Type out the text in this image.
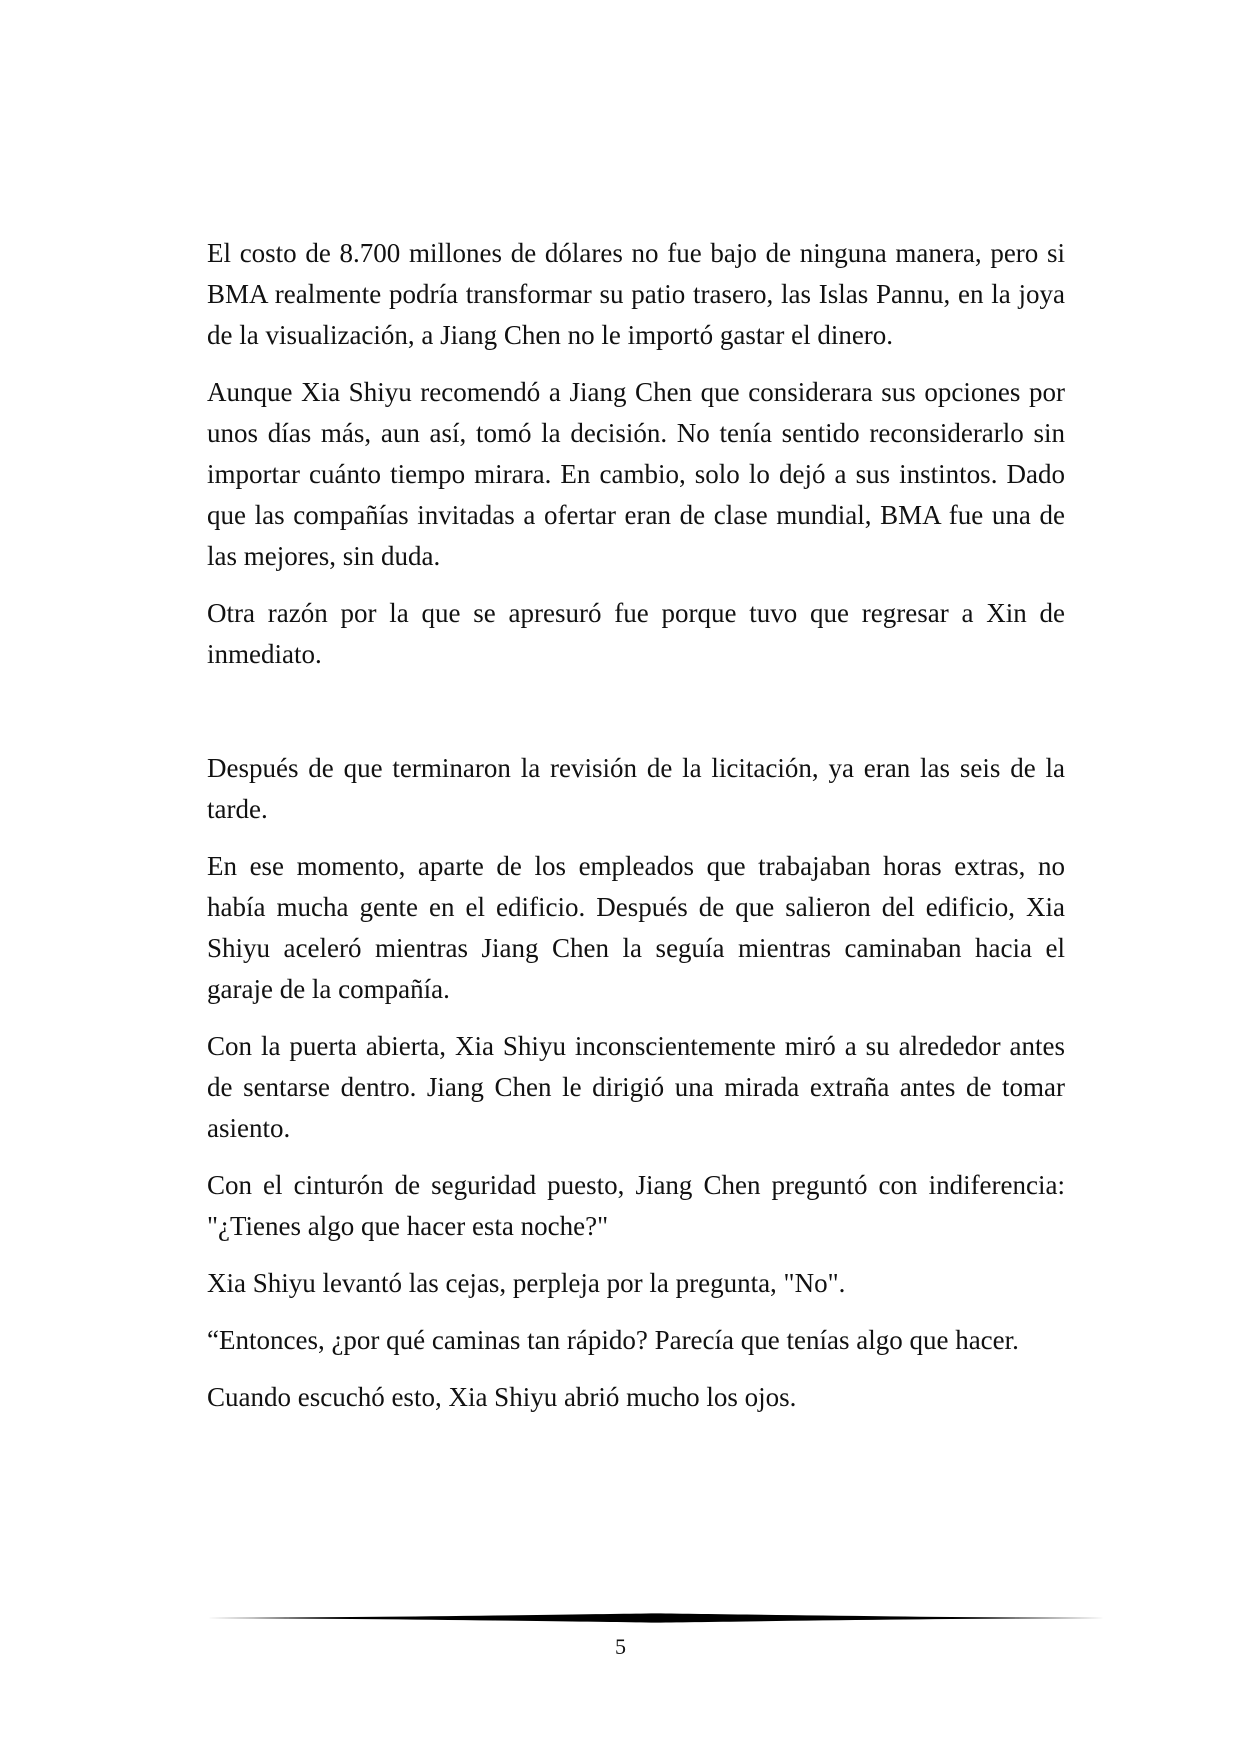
El costo de 8.700 millones de dólares no fue bajo de ninguna manera, pero si BMA realmente podría transformar su patio trasero, las Islas Pannu, en la joya de la visualización, a Jiang Chen no le importó gastar el dinero.

Aunque Xia Shiyu recomendó a Jiang Chen que considerara sus opciones por unos días más, aun así, tomó la decisión. No tenía sentido reconsiderarlo sin importar cuánto tiempo mirara. En cambio, solo lo dejó a sus instintos. Dado que las compañías invitadas a ofertar eran de clase mundial, BMA fue una de las mejores, sin duda.

Otra razón por la que se apresuró fue porque tuvo que regresar a Xin de inmediato.

Después de que terminaron la revisión de la licitación, ya eran las seis de la tarde.

En ese momento, aparte de los empleados que trabajaban horas extras, no había mucha gente en el edificio. Después de que salieron del edificio, Xia Shiyu aceleró mientras Jiang Chen la seguía mientras caminaban hacia el garaje de la compañía.

Con la puerta abierta, Xia Shiyu inconscientemente miró a su alrededor antes de sentarse dentro. Jiang Chen le dirigió una mirada extraña antes de tomar asiento.

Con el cinturón de seguridad puesto, Jiang Chen preguntó con indiferencia: "¿Tienes algo que hacer esta noche?"

Xia Shiyu levantó las cejas, perpleja por la pregunta, "No".

“Entonces, ¿por qué caminas tan rápido? Parecía que tenías algo que hacer.

Cuando escuchó esto, Xia Shiyu abrió mucho los ojos.

5
